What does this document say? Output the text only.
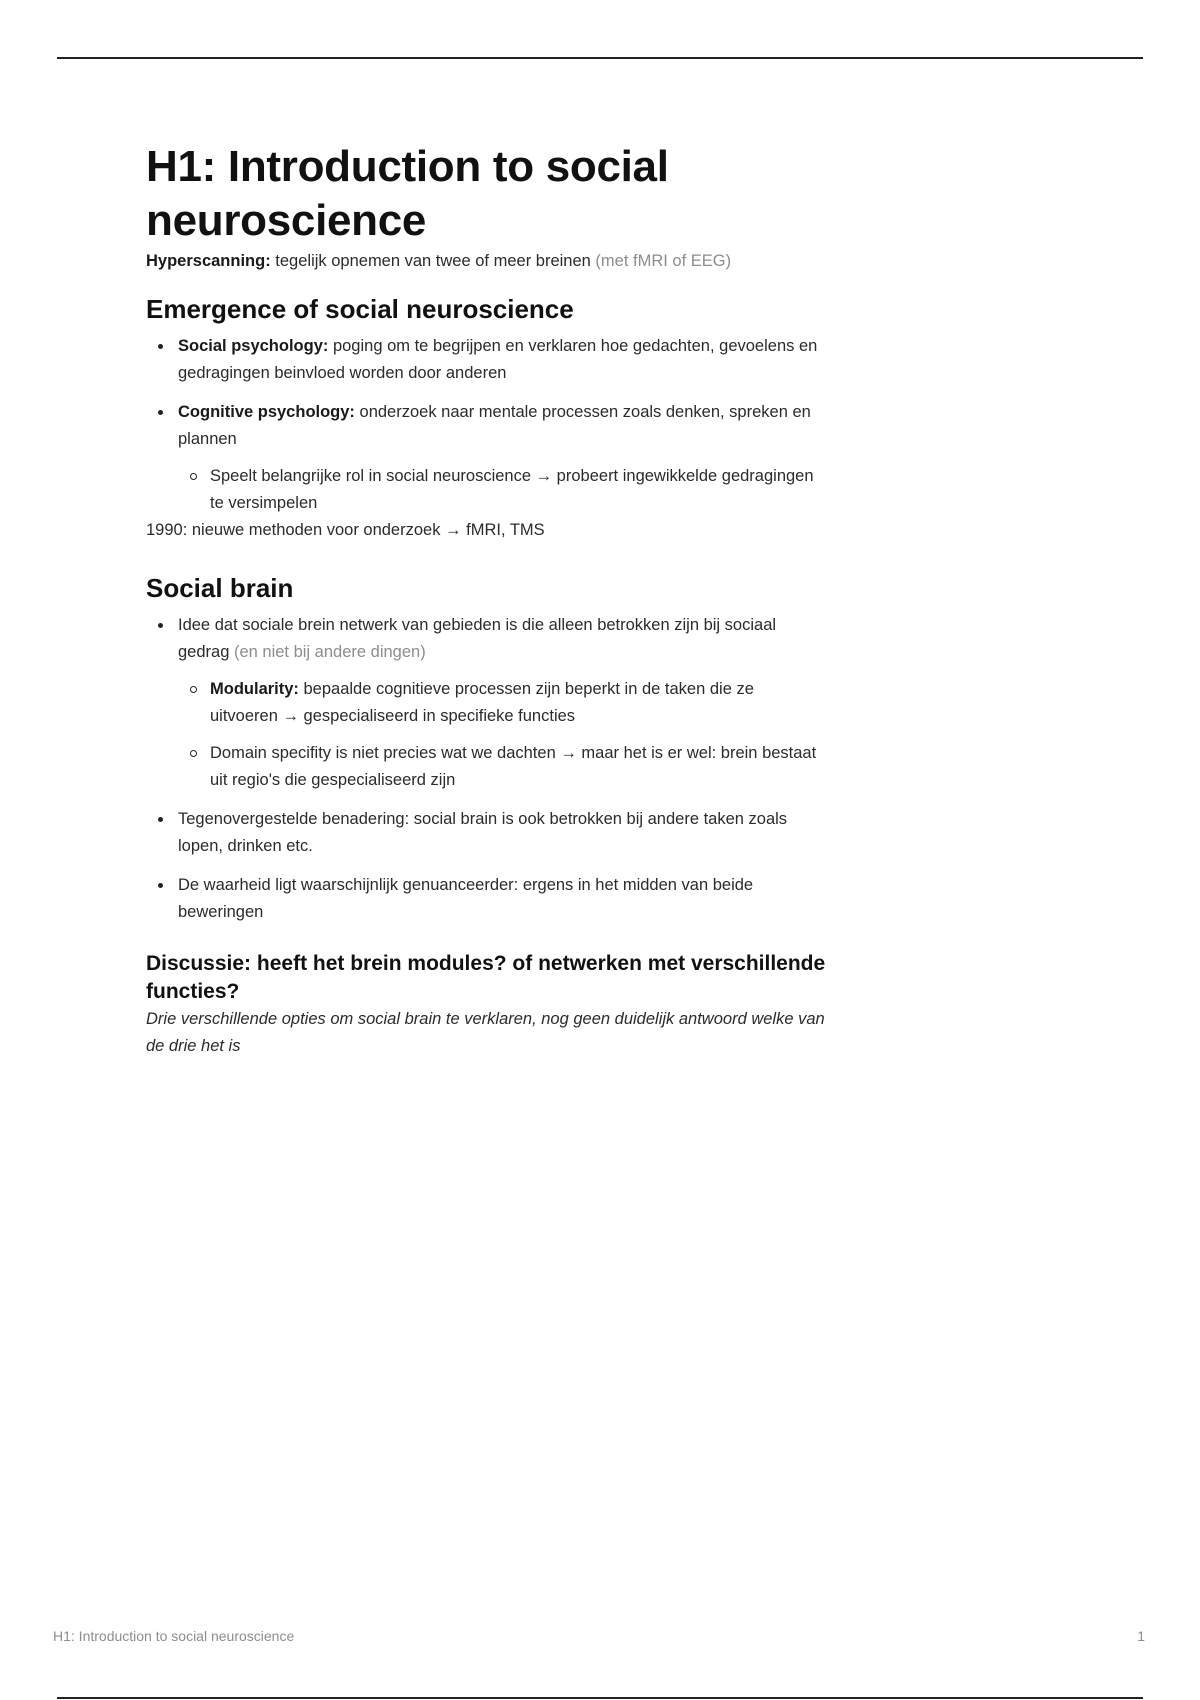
H1: Introduction to social neuroscience

Hyperscanning: tegelijk opnemen van twee of meer breinen (met fMRI of EEG)

Emergence of social neuroscience
Social psychology: poging om te begrijpen en verklaren hoe gedachten, gevoelens en gedragingen beinvloed worden door anderen
Cognitive psychology: onderzoek naar mentale processen zoals denken, spreken en plannen
Speelt belangrijke rol in social neuroscience → probeert ingewikkelde gedragingen te versimpelen

1990: nieuwe methoden voor onderzoek → fMRI, TMS

Social brain
Idee dat sociale brein netwerk van gebieden is die alleen betrokken zijn bij sociaal gedrag (en niet bij andere dingen)
Modularity: bepaalde cognitieve processen zijn beperkt in de taken die ze uitvoeren → gespecialiseerd in specifieke functies
Domain specifity is niet precies wat we dachten → maar het is er wel: brein bestaat uit regio's die gespecialiseerd zijn
Tegenovergestelde benadering: social brain is ook betrokken bij andere taken zoals lopen, drinken etc.
De waarheid ligt waarschijnlijk genuanceerder: ergens in het midden van beide beweringen
Discussie: heeft het brein modules? of netwerken met verschillende functies?

Drie verschillende opties om social brain te verklaren, nog geen duidelijk antwoord welke van de drie het is

H1: Introduction to social neuroscience	1
